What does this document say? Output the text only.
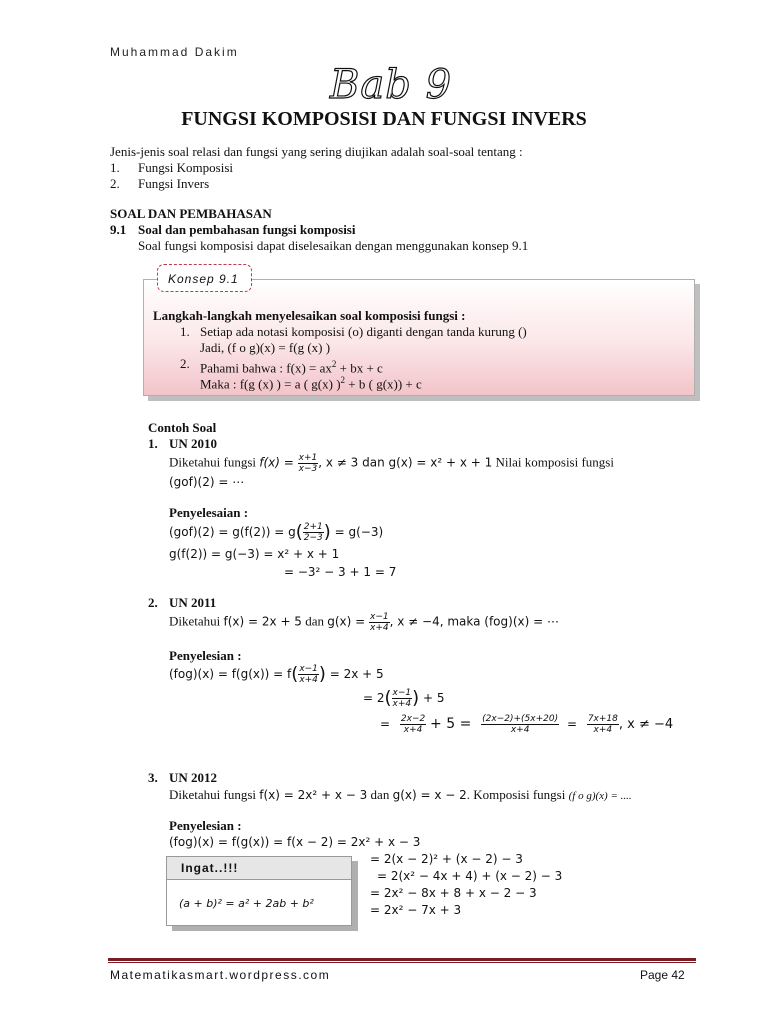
Muhammad Dakim
Bab 9
FUNGSI KOMPOSISI DAN FUNGSI INVERS
Jenis-jenis soal relasi dan fungsi yang sering diujikan adalah soal-soal tentang :
1. Fungsi Komposisi
2. Fungsi Invers
SOAL DAN PEMBAHASAN
9.1 Soal dan pembahasan fungsi komposisi
Soal fungsi komposisi dapat diselesaikan dengan menggunakan konsep 9.1
Konsep 9.1
Langkah-langkah menyelesaikan soal komposisi fungsi :
1. Setiap ada notasi komposisi (o) diganti dengan tanda kurung ()
Jadi, (f o g)(x) = f(g (x) )
2. Pahami bahwa : $f(x) = ax^2$ + bx + c
Maka : f(g (x) ) = a ( g(x) )$^2$ + b ( g(x)) + c
Contoh Soal
1. UN 2010
Diketahui fungsi $f(x) = \frac{x+1}{x-3}$ , x ≠ 3 dan g(x) = x² + x + 1 Nilai komposisi fungsi
(gof)(2) = ⋯
Penyelesaian :
$(gof)(2) = g(f(2)) = g( \frac{2+1}{2-3}$ ) = g(−3)
g(f(2)) = g(−3) = x² + x + 1
= −3² − 3 + 1 = 7
2. UN 2011
Diketahui f(x) = 2x + 5 dan $g(x) = \frac{x-1}{x+4}$ , x ≠ −4, maka (fog)(x) = ⋯
Penyelesian :
$(fog)(x) = f(g(x)) = f( \frac{x-1}{x+4}$ ) = 2x + 5
= $2( \frac{x-1}{x+4}$ ) + 5
= $\frac{2x-2}{x+4} + 5 = \frac{(2x-2)+(5x+20)}{x+4} = \frac{7x+18}{x+4}$ , x ≠ −4
3. UN 2012
Diketahui fungsi f(x) = 2x² + x − 3 dan g(x) = x − 2. Komposisi fungsi (f o g)(x) = ....
Penyelesian :
(fog)(x) = f(g(x)) = f(x − 2) = 2x² + x − 3
= 2(x − 2)² + (x − 2) − 3
= 2(x² − 4x + 4) + (x − 2) − 3
= 2x² − 8x + 8 + x − 2 − 3
= 2x² − 7x + 3
Ingat..!!!
(a + b)² = a² + 2ab + b²
Matematikasmart.wordpress.com	Page 42
